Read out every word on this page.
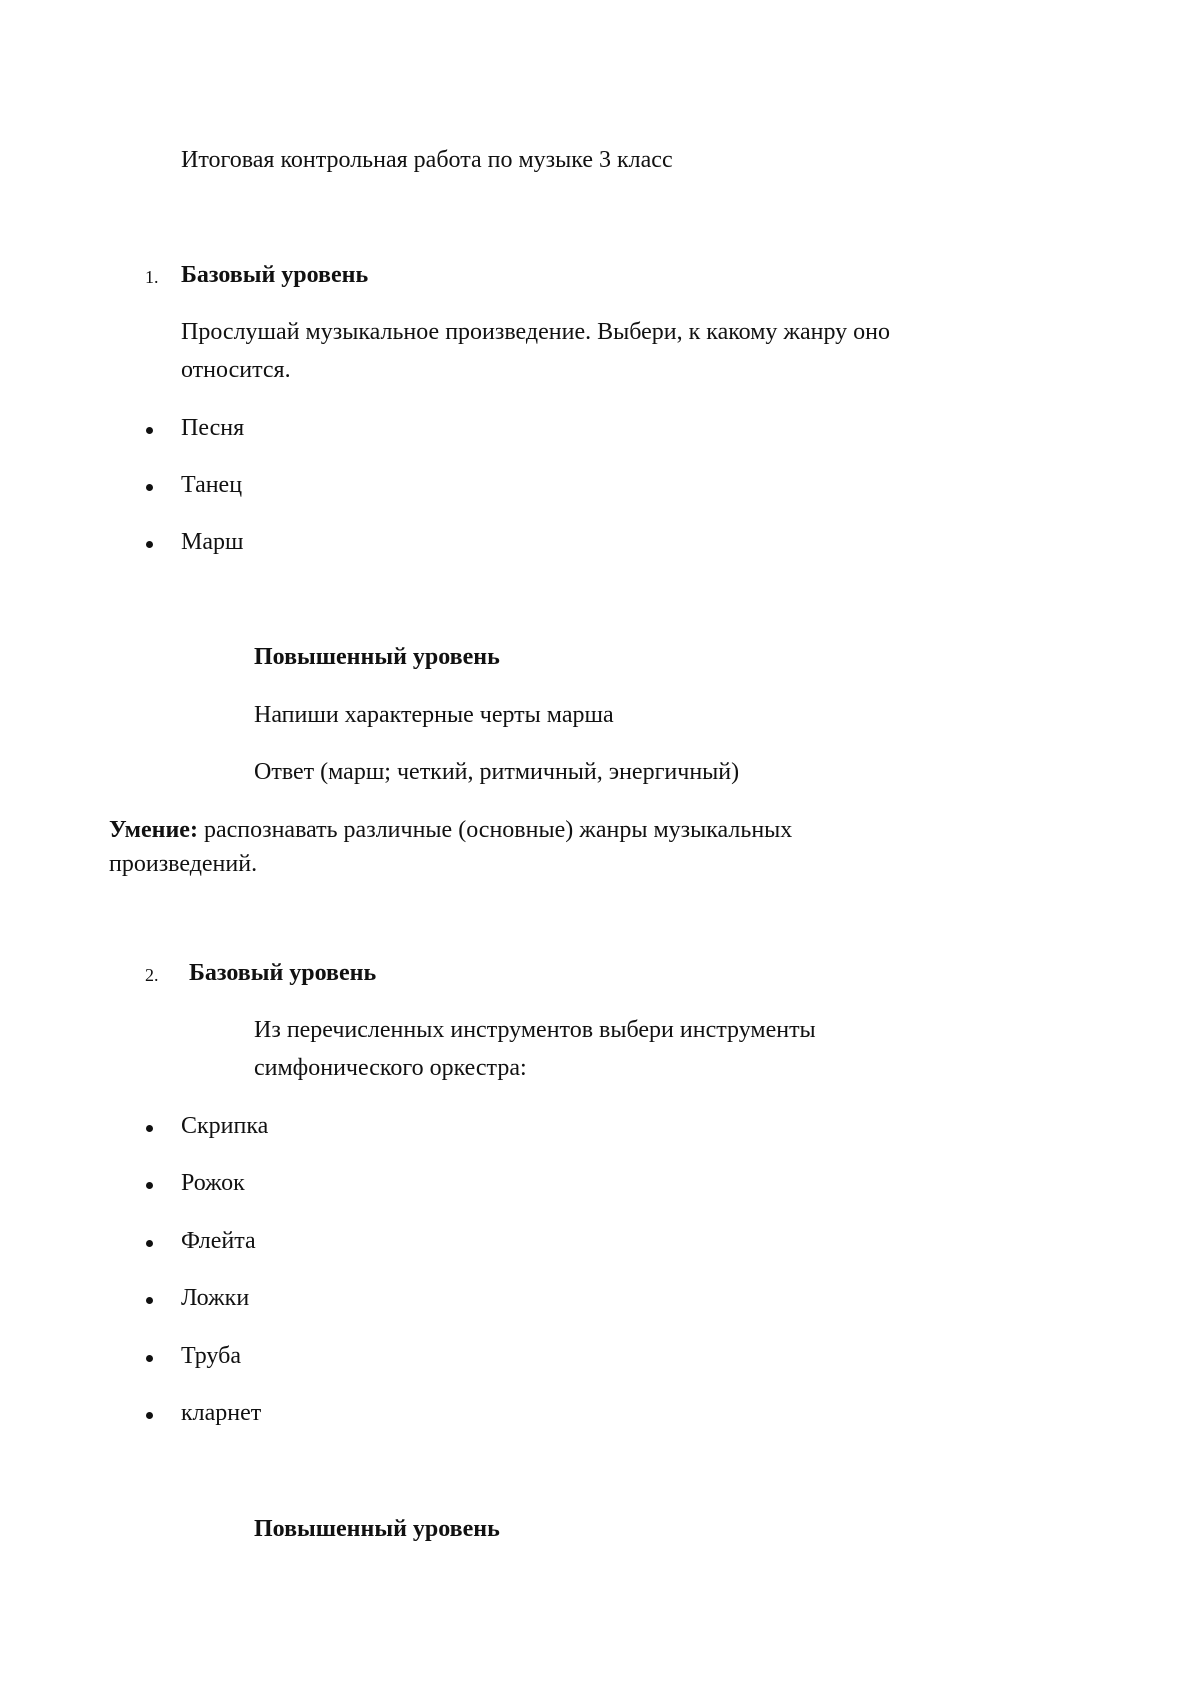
Итоговая контрольная работа по музыке 3 класс
1. Базовый уровень
Прослушай музыкальное произведение. Выбери, к какому жанру оно
относится.
Песня
Танец
Марш
Повышенный уровень
Напиши характерные черты марша
Ответ (марш; четкий, ритмичный, энергичный)
Умение: распознавать различные (основные) жанры музыкальных
произведений.
2. Базовый уровень
Из перечисленных инструментов выбери инструменты
симфонического оркестра:
Скрипка
Рожок
Флейта
Ложки
Труба
кларнет
Повышенный уровень
